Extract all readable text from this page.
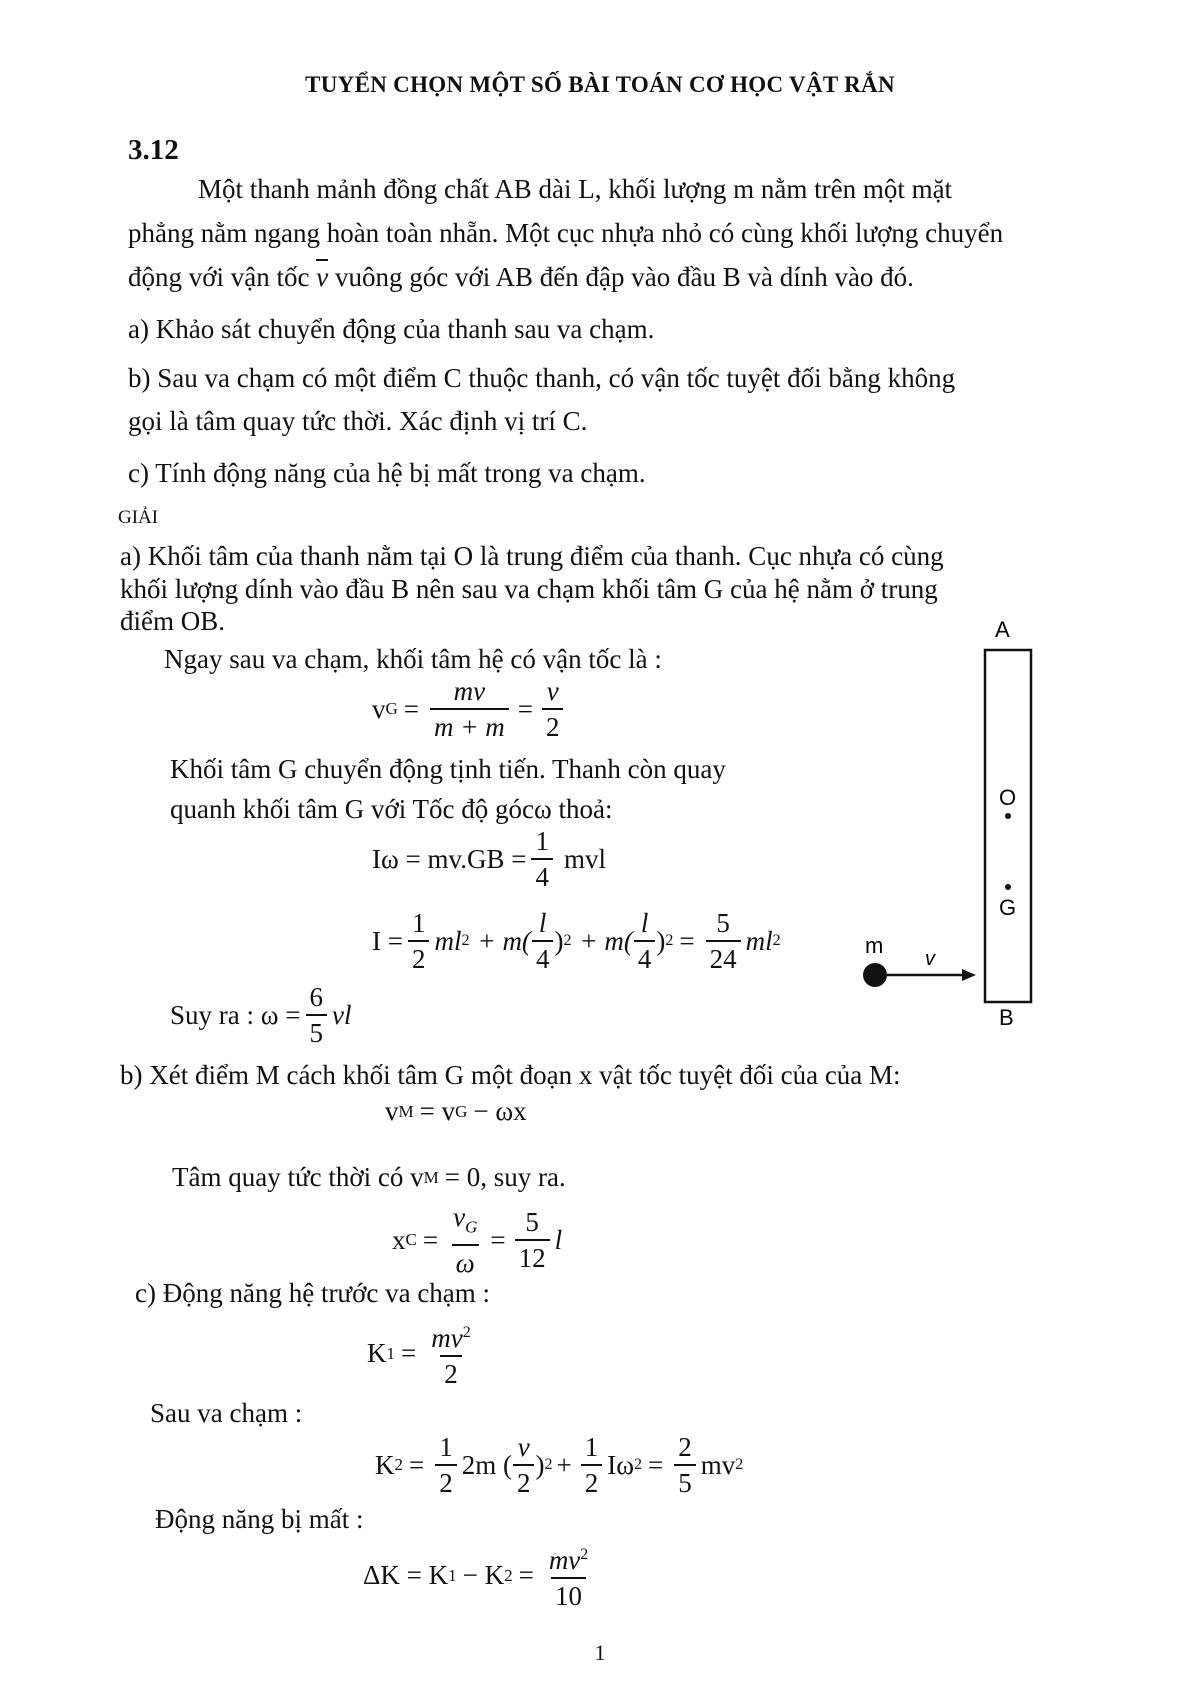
TUYỂN CHỌN MỘT SỐ BÀI TOÁN CƠ HỌC VẬT RẮN
3.12
Một thanh mảnh đồng chất AB dài L, khối lượng m nằm trên một mặt
phẳng nằm ngang hoàn toàn nhẵn. Một cục nhựa nhỏ có cùng khối lượng chuyển
động với vận tốc v vuông góc với AB đến đập vào đầu B và dính vào đó.
a) Khảo sát chuyển động của thanh sau va chạm.
b) Sau va chạm có một điểm C thuộc thanh, có vận tốc tuyệt đối bằng không
gọi là tâm quay tức thời. Xác định vị trí C.
c) Tính động năng của hệ bị mất trong va chạm.
GIẢI
a) Khối tâm của thanh nằm tại O là trung điểm của thanh. Cục nhựa có cùng
khối lượng dính vào đầu B nên sau va chạm khối tâm G của hệ nằm ở trung
điểm OB.
Ngay sau va chạm, khối tâm hệ có vận tốc là :
v $G = \frac{mv}{m + m} = \frac{v}{2}$
Khối tâm G chuyển động tịnh tiến. Thanh còn quay
quanh khối tâm G với Tốc độ gócω thoả:
$I\omega = mv.GB = \frac{1}{4}$ mvl
$I = \frac{1}{2}$ ml $2 + m( \frac{l}{4}$ ) $2 + m( \frac{l}{4}$ ) $2 = \frac{5}{24}$ ml 2
Suy ra : $\omega = \frac{6}{5}$ vl
A
O
G
B
m
v
b) Xét điểm M cách khối tâm G một đoạn x vật tốc tuyệt đối của của M:
v M = v G − ωx
Tâm quay tức thời có v M = 0, suy ra.
x $C = \frac{v_G}{\omega} = \frac{5}{12}$ l
c) Động năng hệ trước va chạm :
K $1 = \frac{mv^2}{2}$
Sau va chạm :
K $2 = \frac{1}{2} 2m$ ( $\frac{v}{2}$ ) $2 + \frac{1}{2}$ Iω $2 = \frac{2}{5}$ mv 2
Động năng bị mất :
ΔK = K 1 − K $2 = \frac{mv^2}{10}$
1
